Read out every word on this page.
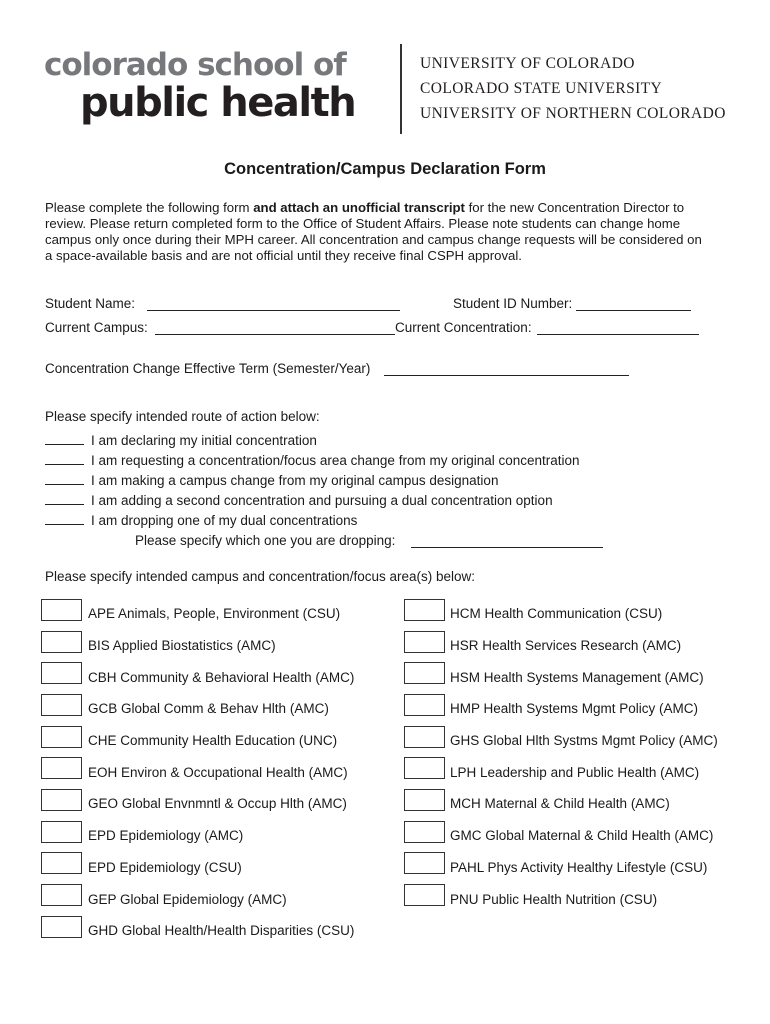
colorado school of
public health
UNIVERSITY OF COLORADO
COLORADO STATE UNIVERSITY
UNIVERSITY OF NORTHERN COLORADO
Concentration/Campus Declaration Form
Please complete the following form and attach an unofficial transcript for the new Concentration Director to review. Please return completed form to the Office of Student Affairs. Please note students can change home campus only once during their MPH career. All concentration and campus change requests will be considered on a space-available basis and are not official until they receive final CSPH approval.
Student Name:	Student ID Number:
Current Campus:	Current Concentration:
Concentration Change Effective Term (Semester/Year)
Please specify intended route of action below:
I am declaring my initial concentration
I am requesting a concentration/focus area change from my original concentration
I am making a campus change from my original campus designation
I am adding a second concentration and pursuing a dual concentration option
I am dropping one of my dual concentrations
Please specify which one you are dropping:
Please specify intended campus and concentration/focus area(s) below:
APE Animals, People, Environment (CSU)
BIS Applied Biostatistics (AMC)
CBH Community & Behavioral Health (AMC)
GCB Global Comm & Behav Hlth (AMC)
CHE Community Health Education (UNC)
EOH Environ & Occupational Health (AMC)
GEO Global Envnmntl & Occup Hlth (AMC)
EPD Epidemiology (AMC)
EPD Epidemiology (CSU)
GEP Global Epidemiology (AMC)
GHD Global Health/Health Disparities (CSU)
HCM Health Communication (CSU)
HSR Health Services Research (AMC)
HSM Health Systems Management (AMC)
HMP Health Systems Mgmt Policy (AMC)
GHS Global Hlth Systms Mgmt Policy (AMC)
LPH Leadership and Public Health (AMC)
MCH Maternal & Child Health (AMC)
GMC Global Maternal & Child Health (AMC)
PAHL Phys Activity Healthy Lifestyle (CSU)
PNU Public Health Nutrition (CSU)
